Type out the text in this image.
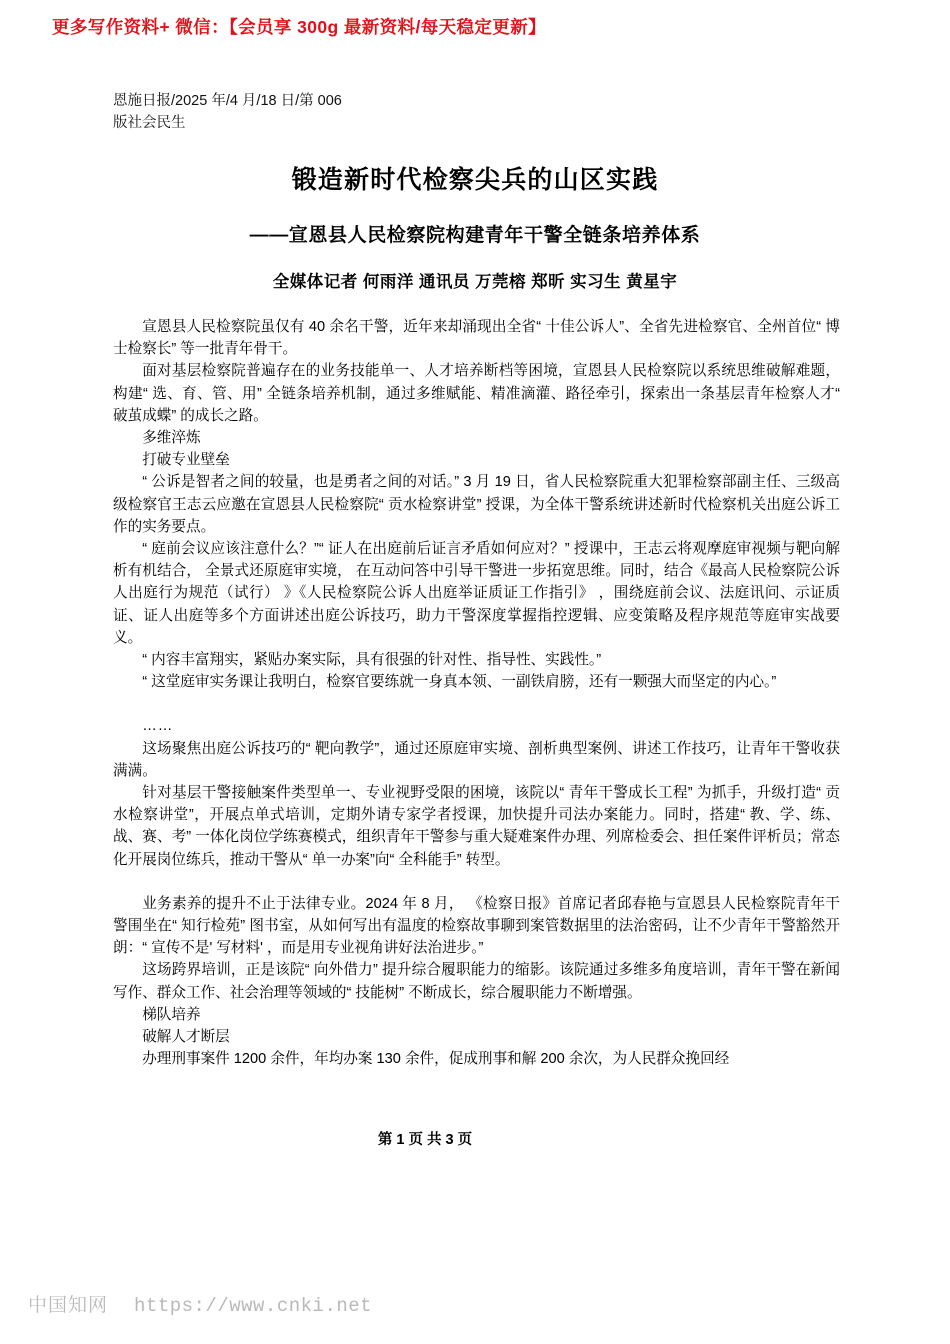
更多写作资料+ 微信：【会员享 300g 最新资料/每天稳定更新】
恩施日报/2025 年/4 月/18 日/第 006
版社会民生
锻造新时代检察尖兵的山区实践
——宣恩县人民检察院构建青年干警全链条培养体系
全媒体记者 何雨洋 通讯员 万莞榕 郑昕 实习生 黄星宇

宣恩县人民检察院虽仅有 40 余名干警，近年来却涌现出全省“ 十佳公诉人”、全省先进检察官、全州首位“ 博士检察长” 等一批青年骨干。

面对基层检察院普遍存在的业务技能单一、人才培养断档等困境，宣恩县人民检察院以系统思维破解难题，构建“ 选、育、管、用” 全链条培养机制，通过多维赋能、精准滴灌、路径牵引，探索出一条基层青年检察人才“ 破茧成蝶” 的成长之路。

多维淬炼

打破专业壁垒

“ 公诉是智者之间的较量，也是勇者之间的对话。” 3 月 19 日，省人民检察院重大犯罪检察部副主任、三级高级检察官王志云应邀在宣恩县人民检察院“ 贡水检察讲堂” 授课，为全体干警系统讲述新时代检察机关出庭公诉工作的实务要点。

“ 庭前会议应该注意什么？”“ 证人在出庭前后证言矛盾如何应对？” 授课中，王志云将观摩庭审视频与靶向解析有机结合， 全景式还原庭审实境， 在互动问答中引导干警进一步拓宽思维。同时，结合《最高人民检察院公诉人出庭行为规范（试行） 》《人民检察院公诉人出庭举证质证工作指引》 ，围绕庭前会议、法庭讯问、示证质证、证人出庭等多个方面讲述出庭公诉技巧，助力干警深度掌握指控逻辑、应变策略及程序规范等庭审实战要义。

“ 内容丰富翔实，紧贴办案实际，具有很强的针对性、指导性、实践性。”

“ 这堂庭审实务课让我明白，检察官要练就一身真本领、一副铁肩膀，还有一颗强大而坚定的内心。”

……

这场聚焦出庭公诉技巧的“ 靶向教学”，通过还原庭审实境、剖析典型案例、讲述工作技巧，让青年干警收获满满。

针对基层干警接触案件类型单一、专业视野受限的困境，该院以“ 青年干警成长工程” 为抓手，升级打造“ 贡水检察讲堂”，开展点单式培训，定期外请专家学者授课，加快提升司法办案能力。同时，搭建“ 教、学、练、战、赛、考” 一体化岗位学练赛模式，组织青年干警参与重大疑难案件办理、列席检委会、担任案件评析员；常态化开展岗位练兵，推动干警从“ 单一办案”向“ 全科能手” 转型。

业务素养的提升不止于法律专业。2024 年 8 月， 《检察日报》首席记者邱春艳与宣恩县人民检察院青年干警围坐在“ 知行检苑” 图书室，从如何写出有温度的检察故事聊到案管数据里的法治密码，让不少青年干警豁然开朗：“ 宣传不是' 写材料' ，而是用专业视角讲好法治进步。”

这场跨界培训，正是该院“ 向外借力” 提升综合履职能力的缩影。该院通过多维多角度培训，青年干警在新闻写作、群众工作、社会治理等领域的“ 技能树” 不断成长，综合履职能力不断增强。

梯队培养

破解人才断层

办理刑事案件 1200 余件，年均办案 130 余件，促成刑事和解 200 余次，为人民群众挽回经

第 1 页 共 3 页
中国知网 https://www.cnki.net
